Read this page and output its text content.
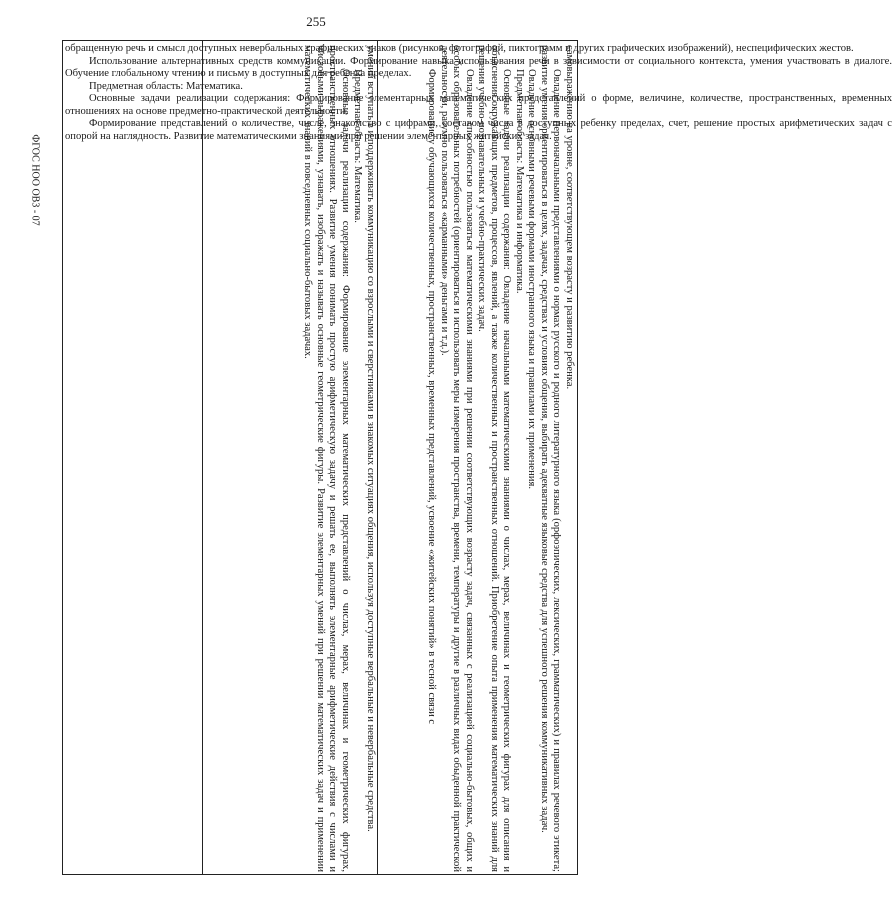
255
ФГОС НОО ОВЗ - 07	самовыражению на уровне, соответствующем возрасту и развитию ребенка.

Овладение первоначальными представлениями о нормах русского и родного литературного языка (орфоэпических, лексических, грамматических) и правилах речевого этикета; развитие умения ориентироваться в целях, задачах, средствах и условиях общения, выбирать адекватные языковые средства для успешного решения коммуникативных задач.

Овладение основными речевыми формами иностранного языка и правилами их применения.

Предметная область: Математика и информатика.

Основные задачи реализации содержания: Овладение начальными математическими знаниями о числах, мерах, величинах и геометрических фигурах для описания и объяснения окружающих предметов, процессов, явлений, а также количественных и пространственных отношений. Приобретение опыта применения математических знаний для решения учебно-познавательных и учебно-практических задач.

Овладение способностью пользоваться математическими знаниями при решении соответствующих возрасту задач, связанных с реализацией социально-бытовых, общих и особых образовательных потребностей (ориентироваться и использовать меры измерения пространства, времени, температуры и другие в различных видах обыденной практической деятельности, разумно пользоваться «карманными» деньгами и т.д.).

Формирование у обучающихся количественных, пространственных, временных представлений, усвоение «житейских понятий» в тесной связи с

умений вступать в и поддерживать коммуникацию со взрослыми и сверстниками в знакомых ситуациях общения, используя доступные вербальные и невербальные средства.

Предметная область: Математика.

Основные задачи реализации содержания: Формирование элементарных математических представлений о числах, мерах, величинах и геометрических фигурах, пространственных отношениях. Развитие умения понимать простую арифметическую задачу и решать ее, выполнять элементарные арифметические действия с числами и числовыми выражениями, узнавать, изображать и называть основные геометрические фигуры. Развитие элементарных умений при решении математических задач и применении математических знаний в повседневных социально-бытовых задачах.

обращенную речь и смысл доступных невербальных графических знаков (рисунков, фотографий, пиктограмм и других графических изображений), неспецифических жестов.

Использование альтернативных средств коммуникации. Формирование навыка использования речи в зависимости от социального контекста, умения участвовать в диалоге. Обучение глобальному чтению и письму в доступных для ребенка пределах.

Предметная область: Математика.

Основные задачи реализации содержания: Формирование элементарных математических представлений о форме, величине, количестве, пространственных, временных отношениях на основе предметно-практической деятельности.

Формирование представлений о количестве, числе, знакомство с цифрами, составом числа в доступных ребенку пределах, счет, решение простых арифметических задач с опорой на наглядность. Развитие математическими знаниями при решении элементарных житейских задач.
